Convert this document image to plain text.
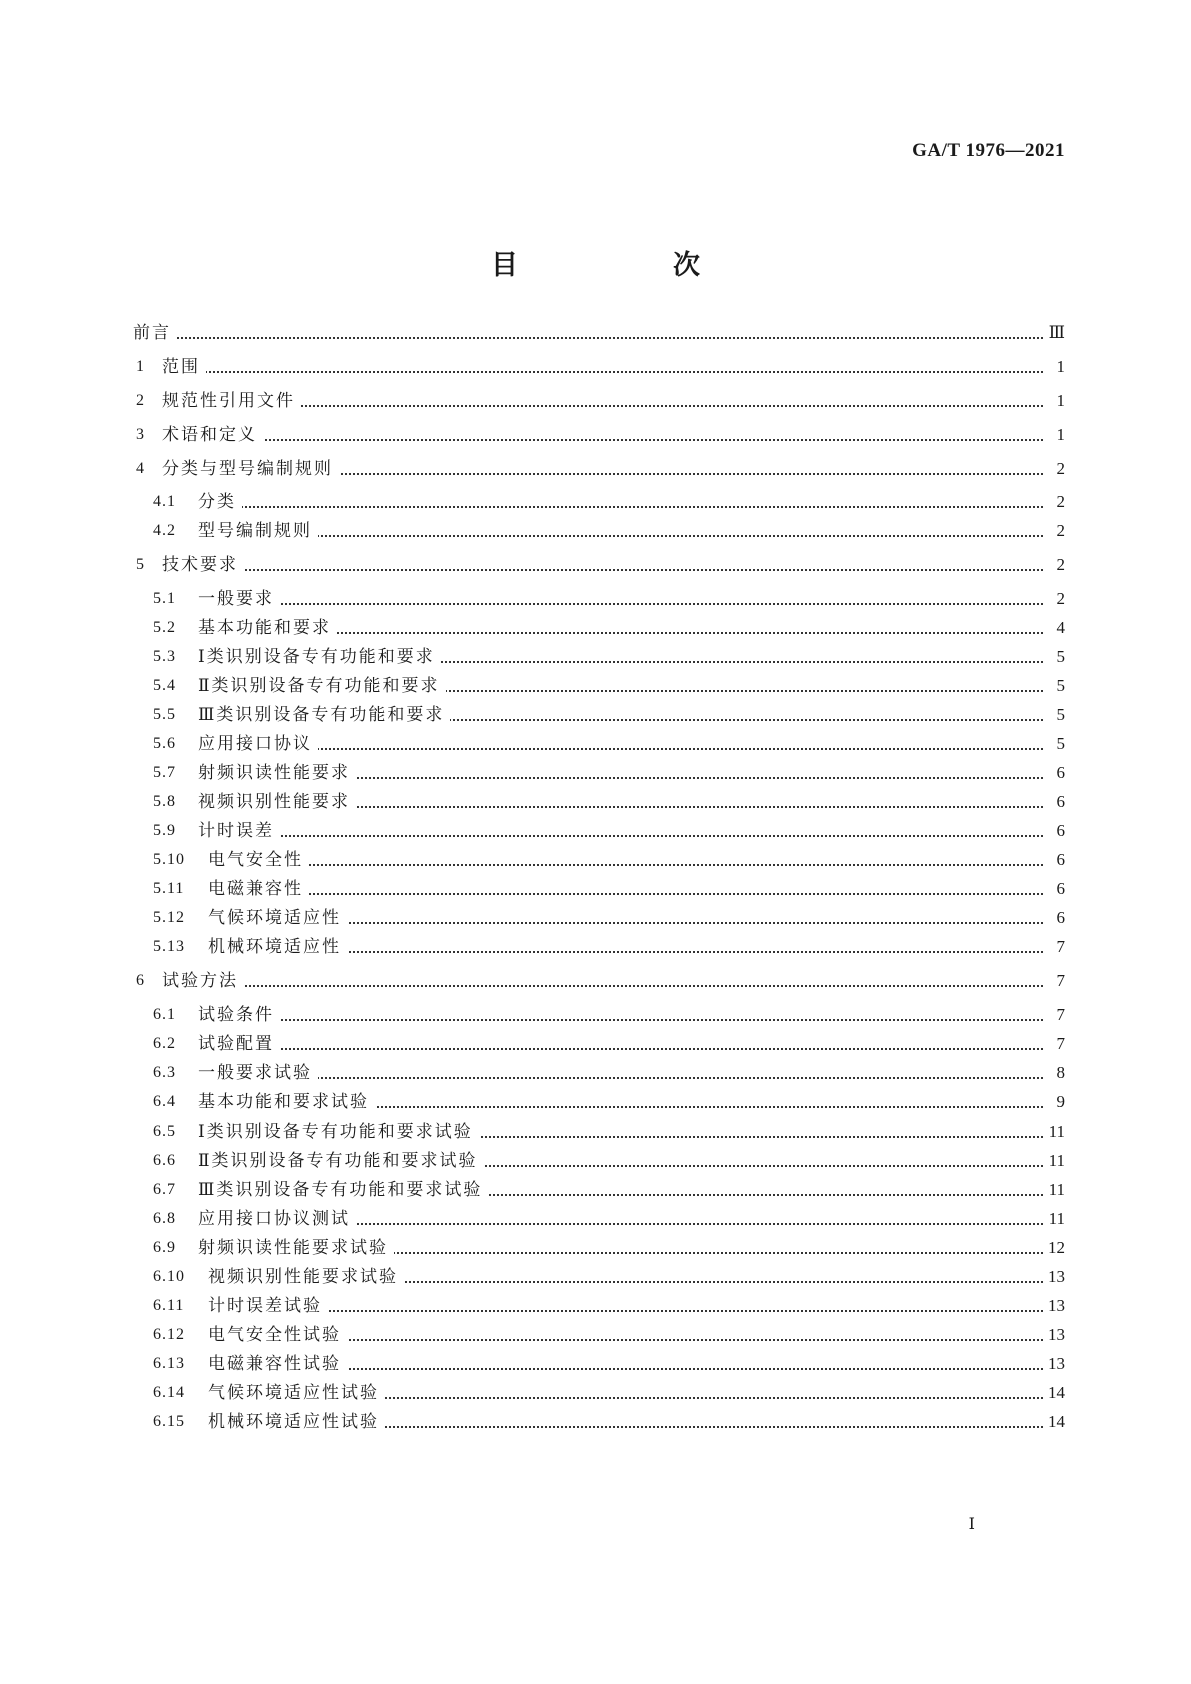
GA/T 1976—2021
目　次
前言	Ⅲ
1 范围	1
2 规范性引用文件	1
3 术语和定义	1
4 分类与型号编制规则	2
4.1 分类	2
4.2 型号编制规则	2
5 技术要求	2
5.1 一般要求	2
5.2 基本功能和要求	4
5.3 Ⅰ类识别设备专有功能和要求	5
5.4 Ⅱ类识别设备专有功能和要求	5
5.5 Ⅲ类识别设备专有功能和要求	5
5.6 应用接口协议	5
5.7 射频识读性能要求	6
5.8 视频识别性能要求	6
5.9 计时误差	6
5.10 电气安全性	6
5.11 电磁兼容性	6
5.12 气候环境适应性	6
5.13 机械环境适应性	7
6 试验方法	7
6.1 试验条件	7
6.2 试验配置	7
6.3 一般要求试验	8
6.4 基本功能和要求试验	9
6.5 Ⅰ类识别设备专有功能和要求试验	11
6.6 Ⅱ类识别设备专有功能和要求试验	11
6.7 Ⅲ类识别设备专有功能和要求试验	11
6.8 应用接口协议测试	11
6.9 射频识读性能要求试验	12
6.10 视频识别性能要求试验	13
6.11 计时误差试验	13
6.12 电气安全性试验	13
6.13 电磁兼容性试验	13
6.14 气候环境适应性试验	14
6.15 机械环境适应性试验	14
Ⅰ
